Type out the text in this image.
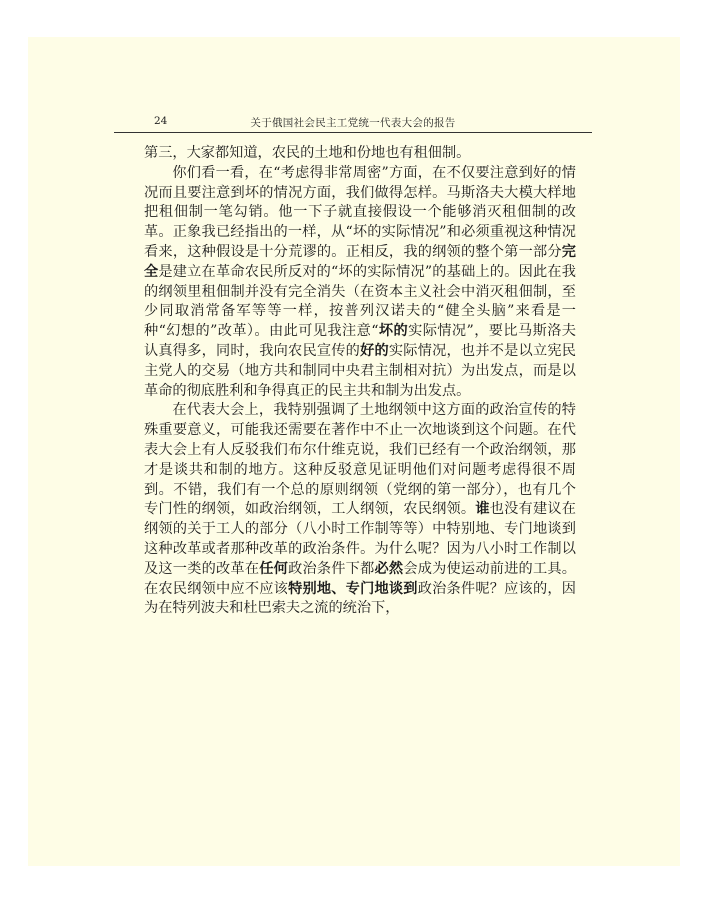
24	关于俄国社会民主工党统一代表大会的报告

第三，大家都知道，农民的土地和份地也有租佃制。

你们看一看，在“考虑得非常周密”方面，在不仅要注意到好的情况而且要注意到坏的情况方面，我们做得怎样。马斯洛夫大模大样地把租佃制一笔勾销。他一下子就直接假设一个能够消灭租佃制的改革。正象我已经指出的一样，从“坏的实际情况”和必须重视这种情况看来，这种假设是十分荒谬的。正相反，我的纲领的整个第一部分完全是建立在革命农民所反对的“坏的实际情况”的基础上的。因此在我的纲领里租佃制并没有完全消失（在资本主义社会中消灭租佃制，至少同取消常备军等等一样，按普列汉诺夫的“健全头脑”来看是一种“幻想的”改革）。由此可见我注意“坏的实际情况”，要比马斯洛夫认真得多，同时，我向农民宣传的好的实际情况，也并不是以立宪民主党人的交易（地方共和制同中央君主制相对抗）为出发点，而是以革命的彻底胜利和争得真正的民主共和制为出发点。

在代表大会上，我特别强调了土地纲领中这方面的政治宣传的特殊重要意义，可能我还需要在著作中不止一次地谈到这个问题。在代表大会上有人反驳我们布尔什维克说，我们已经有一个政治纲领，那才是谈共和制的地方。这种反驳意见证明他们对问题考虑得很不周到。不错，我们有一个总的原则纲领（党纲的第一部分），也有几个专门性的纲领，如政治纲领，工人纲领，农民纲领。谁也没有建议在纲领的关于工人的部分（八小时工作制等等）中特别地、专门地谈到这种改革或者那种改革的政治条件。为什么呢？因为八小时工作制以及这一类的改革在任何政治条件下都必然会成为使运动前进的工具。在农民纲领中应不应该特别地、专门地谈到政治条件呢？应该的，因为在特列波夫和杜巴索夫之流的统治下，
